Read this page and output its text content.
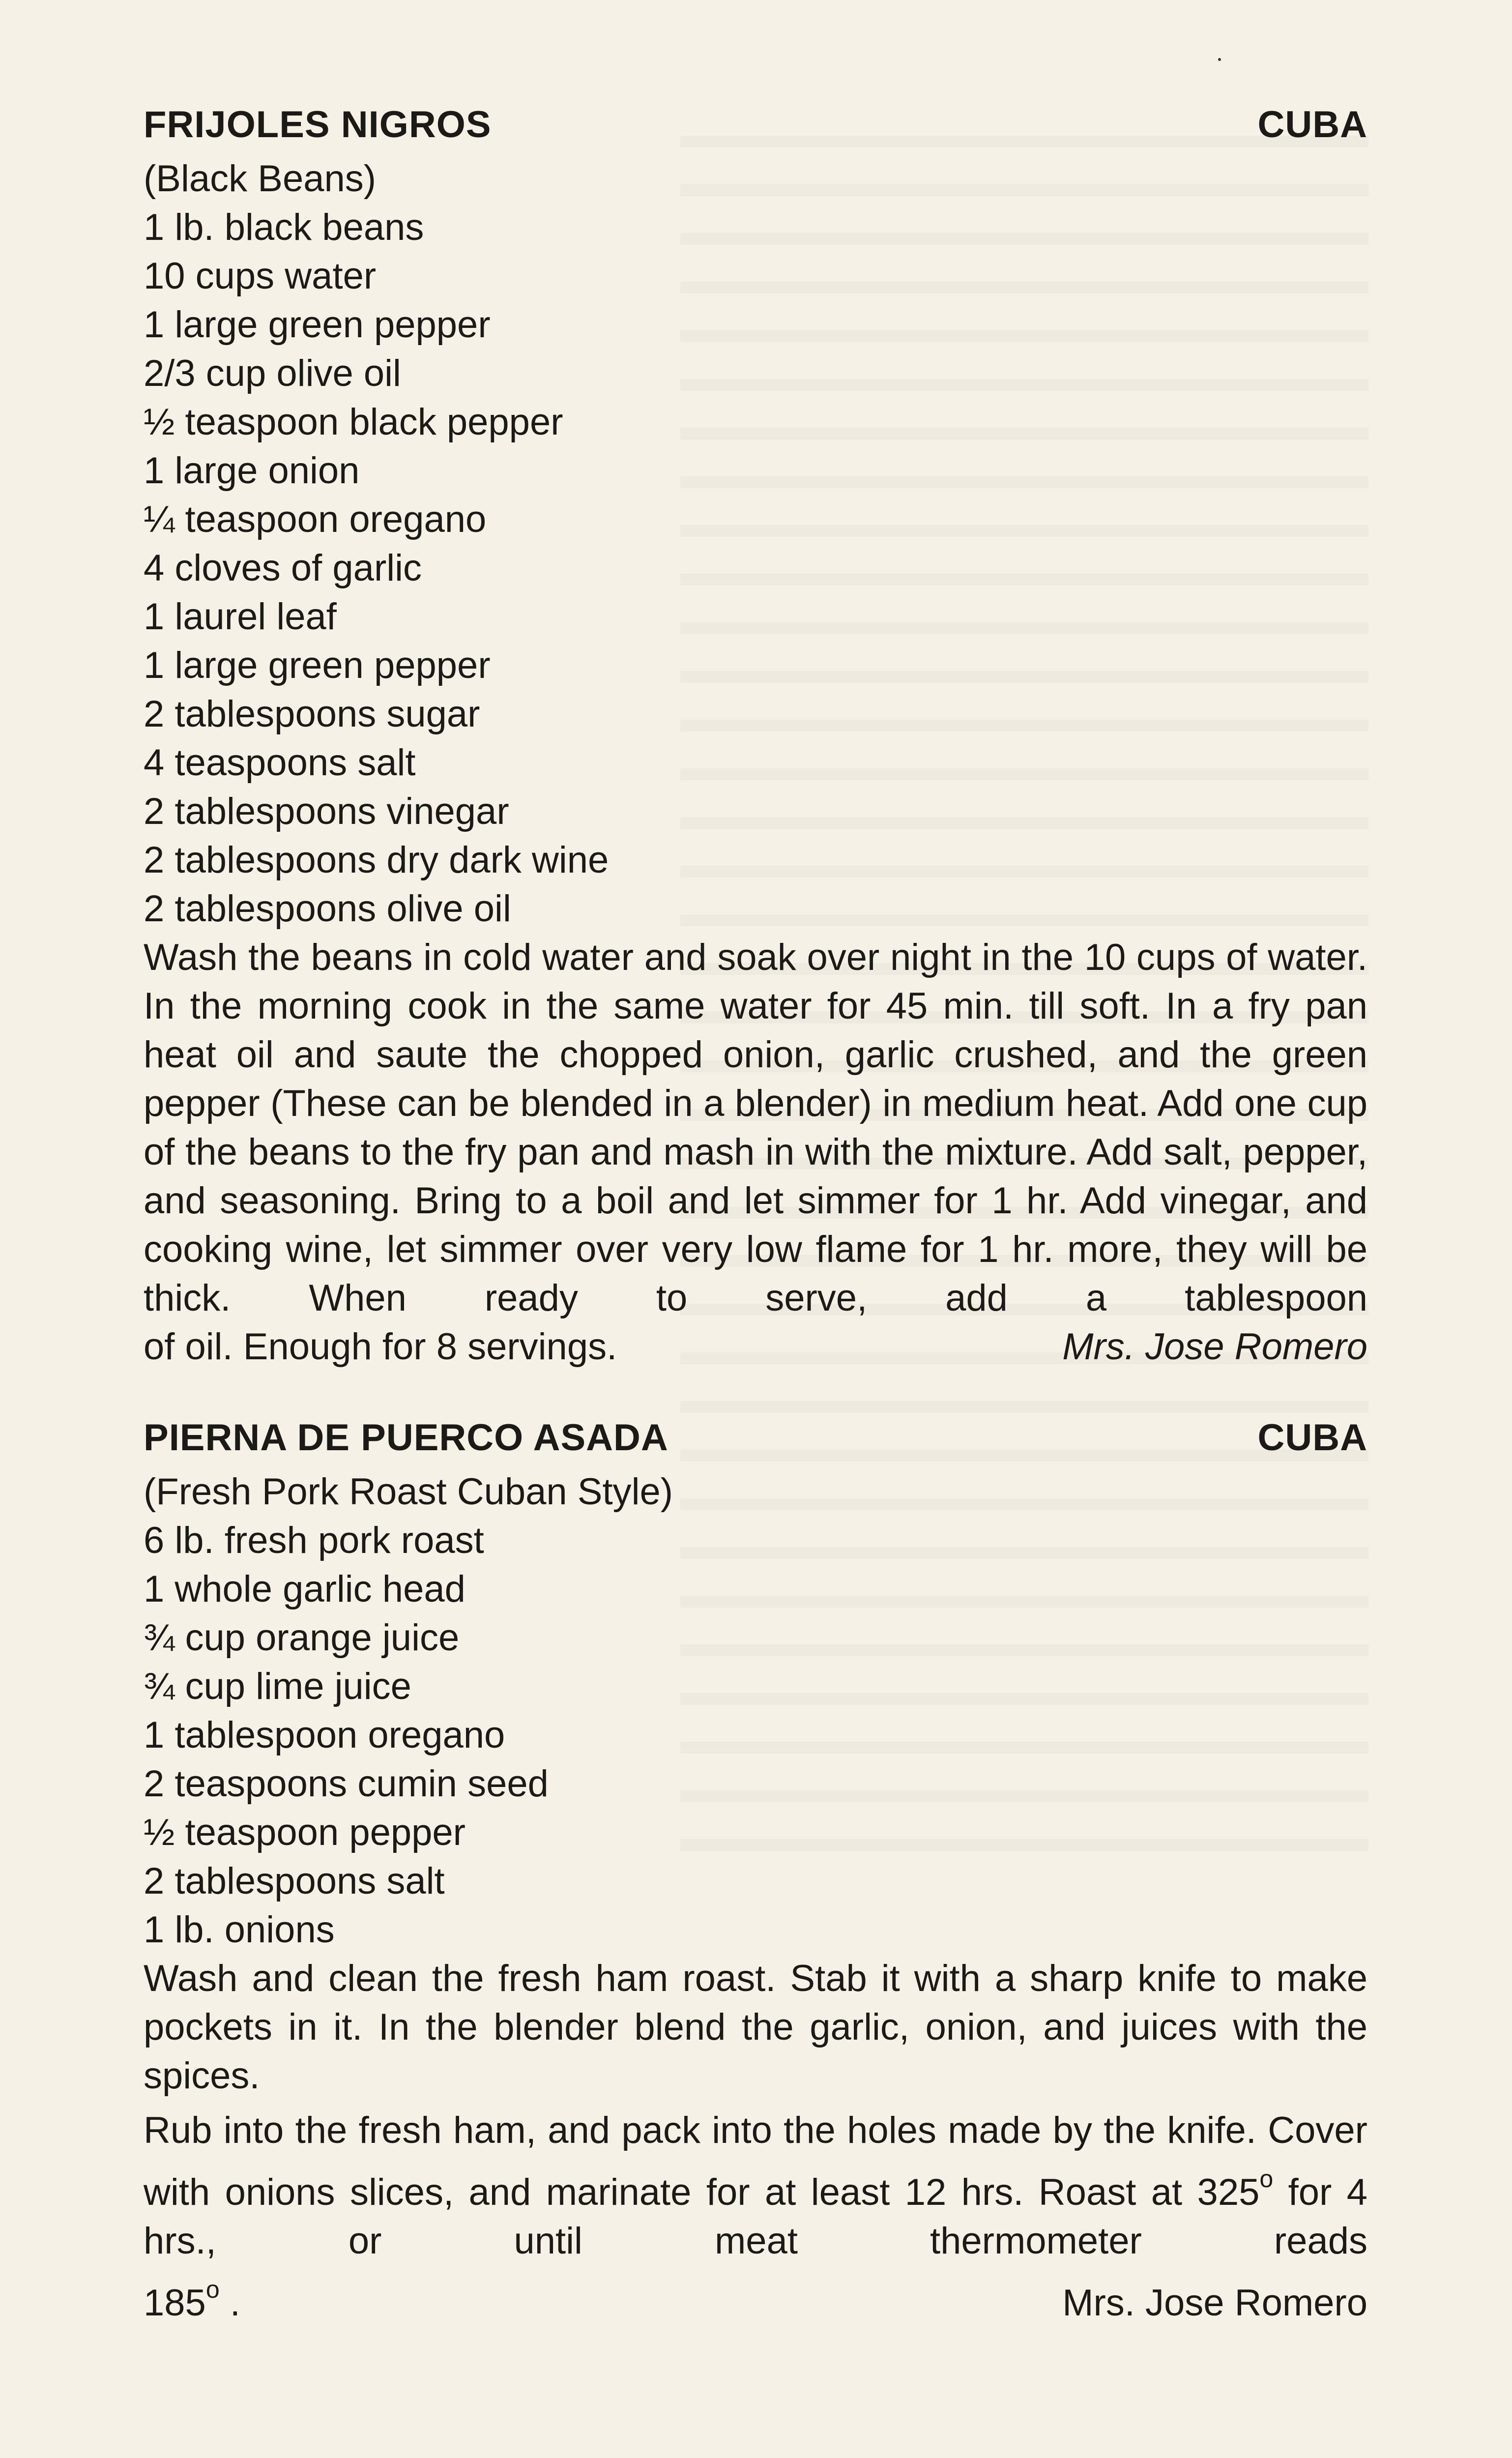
FRIJOLES NIGROS	CUBA
(Black Beans)
1 lb. black beans
10 cups water
1 large green pepper
2/3 cup olive oil
½ teaspoon black pepper
1 large onion
¼ teaspoon oregano
4 cloves of garlic
1 laurel leaf
1 large green pepper
2 tablespoons sugar
4 teaspoons salt
2 tablespoons vinegar
2 tablespoons dry dark wine
2 tablespoons olive oil

Wash the beans in cold water and soak over night in the 10 cups of water. In the morning cook in the same water for 45 min. till soft. In a fry pan heat oil and saute the chopped onion, garlic crushed, and the green pepper (These can be blended in a blender) in medium heat. Add one cup of the beans to the fry pan and mash in with the mixture. Add salt, pepper, and seasoning. Bring to a boil and let simmer for 1 hr. Add vinegar, and cooking wine, let simmer over very low flame for 1 hr. more, they will be thick. When ready to serve, add a tablespoon

of oil. Enough for 8 servings.	Mrs. Jose Romero
PIERNA DE PUERCO ASADA	CUBA
(Fresh Pork Roast Cuban Style)
6 lb. fresh pork roast
1 whole garlic head
¾ cup orange juice
¾ cup lime juice
1 tablespoon oregano
2 teaspoons cumin seed
½ teaspoon pepper
2 tablespoons salt
1 lb. onions

Wash and clean the fresh ham roast. Stab it with a sharp knife to make pockets in it. In the blender blend the garlic, onion, and juices with the spices.

Rub into the fresh ham, and pack into the holes made by the knife. Cover with onions slices, and marinate for at least 12 hrs. Roast at 325$^o$ for 4 hrs., or until meat thermometer reads

185$^o$ .	Mrs. Jose Romero
